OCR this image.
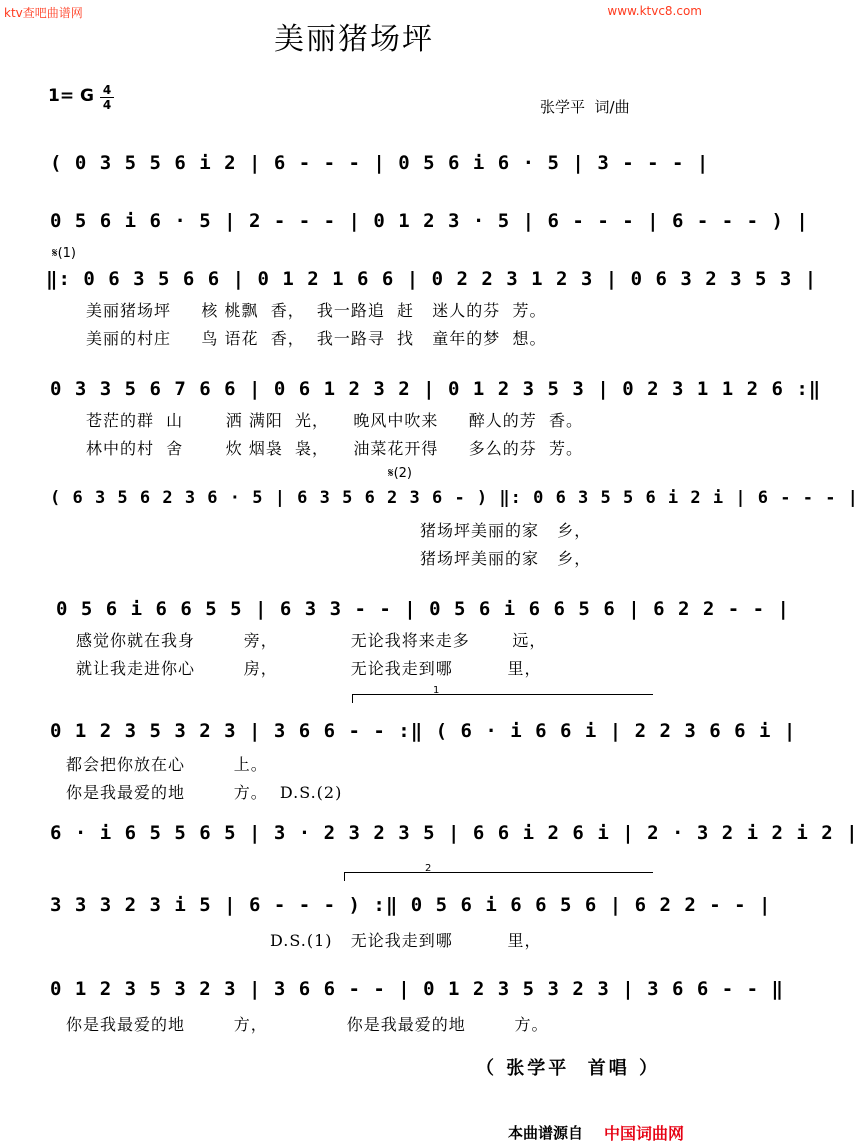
ktv查吧曲谱网	www.ktvc8.com
美丽猪场坪
1= G 4
4	张学平  词/曲
( 0 3 5 5 6 i 2 | 6 - - - | 0 5 6 i 6 · 5 | 3 - - - |
0 5 6 i 6 · 5 | 2 - - - | 0 1 2 3 · 5 | 6 - - - | 6 - - - ) |
𝄋(1)
‖: 0 6 3 5 6 6 | 0 1 2 1 6 6 | 0 2 2 3 1 2 3 | 0 6 3 2 3 5 3 |
美丽猪场坪     核 桃飘  香，  我一路追  赶   迷人的芬  芳。
美丽的村庄     鸟 语花  香，  我一路寻  找   童年的梦  想。
0 3 3 5 6 7 6 6 | 0 6 1 2 3 2 | 0 1 2 3 5 3 | 0 2 3 1 1 2 6 :‖
苍茫的群  山       洒 满阳  光，    晚风中吹来     醉人的芳  香。
林中的村  舍       炊 烟袅  袅，    油菜花开得     多么的芬  芳。
𝄋(2)
( 6 3 5 6 2 3 6 · 5 | 6 3 5 6 2 3 6 - ) ‖: 0 6 3 5 5 6 i 2 i | 6 - - - |
猪场坪美丽的家   乡，
猪场坪美丽的家   乡，
0 5 6 i 6 6 5 5 | 6 3 3 - - | 0 5 6 i 6 6 5 6 | 6 2 2 - - |
感觉你就在我身        旁，            无论我将来走多       远，
就让我走进你心        房，            无论我走到哪         里，
1
0 1 2 3 5 3 2 3 | 3 6 6 - - :‖ ( 6 · i 6 6 i | 2 2 3 6 6 i |
都会把你放在心        上。
你是我最爱的地        方。  D.S.(2)
6 · i 6 5 5 6 5 | 3 · 2 3 2 3 5 | 6 6 i 2 6 i | 2 · 3 2 i 2 i 2 |
2
3 3 3 2 3 i 5 | 6 - - - ) :‖ 0 5 6 i 6 6 5 6 | 6 2 2 - - |
D.S.(1)   无论我走到哪         里，
0 1 2 3 5 3 2 3 | 3 6 6 - - | 0 1 2 3 5 3 2 3 | 3 6 6 - - ‖
你是我最爱的地        方，             你是我最爱的地        方。
（ 张学平  首唱 ）
本曲谱源自 中国词曲网
